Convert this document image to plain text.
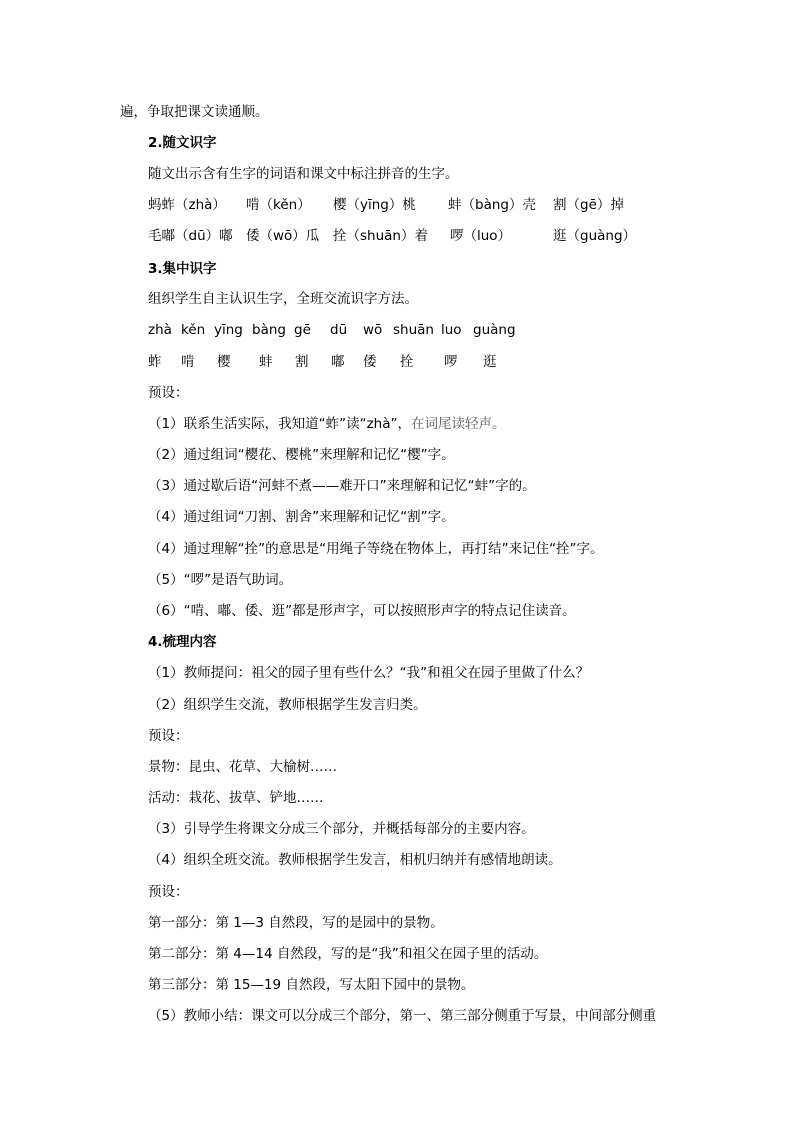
遍，争取把课文读通顺。
2.随文识字
随文出示含有生字的词语和课文中标注拼音的生字。
蚂蚱（zhà） 啃（kěn） 樱（yīng）桃 蚌（bàng）壳 割（gē）掉
毛嘟（dū）嘟 倭（wō）瓜 拴（shuān）着 啰（luo）	逛（guàng）
3.集中识字
组织学生自主认识生字，全班交流识字方法。
zhà kěn yīng bàng gē dū wō shuān luo guàng
蚱 啃 樱 蚌 割 嘟 倭 拴 啰 逛
预设：
（1）联系生活实际，我知道“蚱”读“zhà”，在词尾读轻声。
（2）通过组词“樱花、樱桃”来理解和记忆“樱”字。
（3）通过歇后语“河蚌不煮——难开口”来理解和记忆“蚌”字的。
（4）通过组词“刀割、割舍”来理解和记忆“割”字。
（4）通过理解“拴”的意思是“用绳子等绕在物体上，再打结”来记住“拴”字。
（5）“啰”是语气助词。
（6）“啃、嘟、倭、逛”都是形声字，可以按照形声字的特点记住读音。
4.梳理内容
（1）教师提问：祖父的园子里有些什么？“我”和祖父在园子里做了什么？
（2）组织学生交流，教师根据学生发言归类。
预设：
景物：昆虫、花草、大榆树……
活动：栽花、拔草、铲地……
（3）引导学生将课文分成三个部分，并概括每部分的主要内容。
（4）组织全班交流。教师根据学生发言，相机归纳并有感情地朗读。
预设：
第一部分：第 1—3 自然段，写的是园中的景物。
第二部分：第 4—14 自然段，写的是“我”和祖父在园子里的活动。
第三部分：第 15—19 自然段，写太阳下园中的景物。
（5）教师小结：课文可以分成三个部分，第一、第三部分侧重于写景，中间部分侧重
